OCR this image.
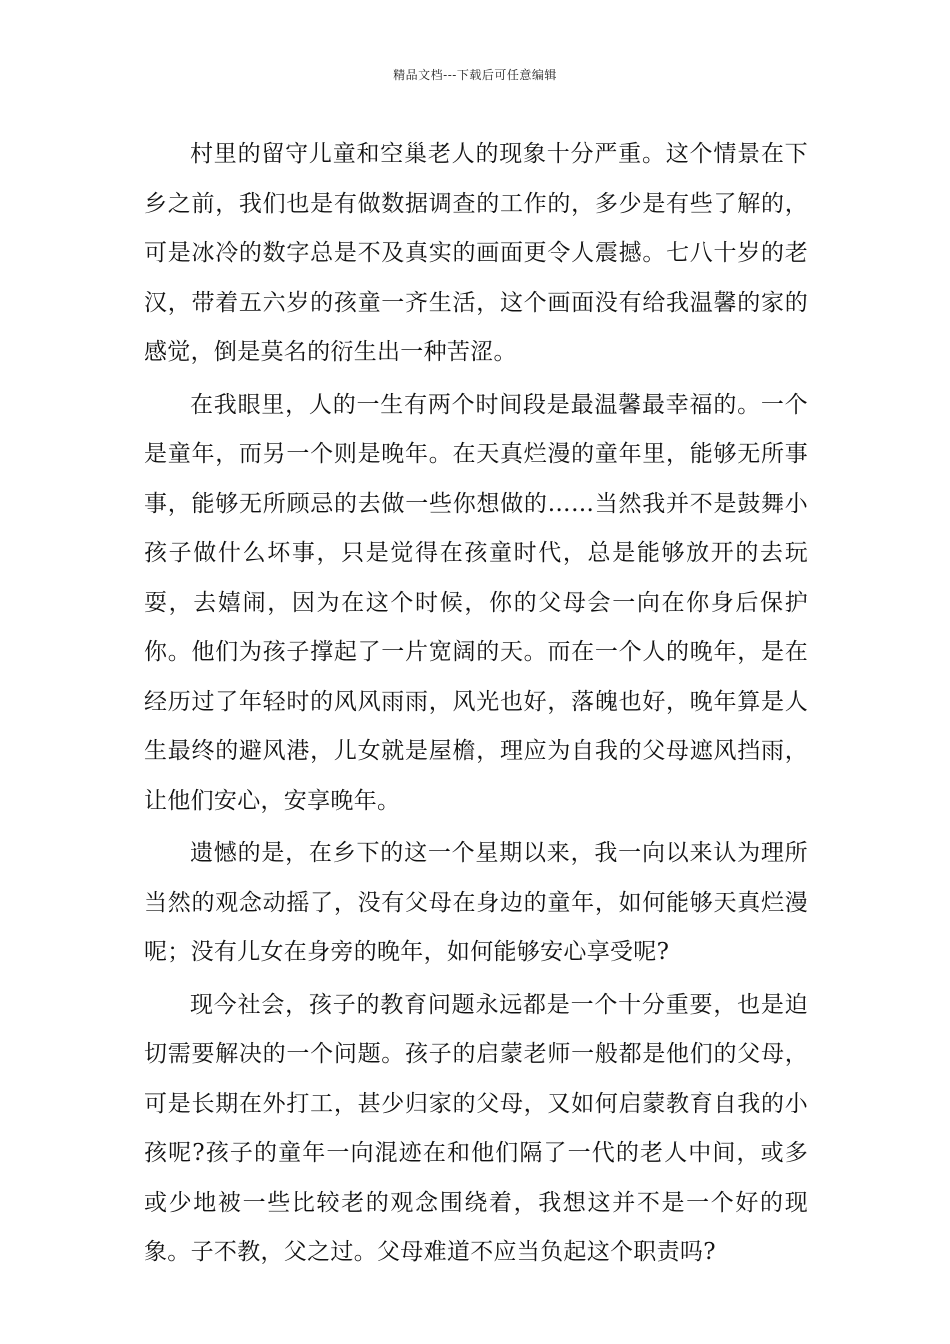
精品文档---下载后可任意编辑

村里的留守儿童和空巢老人的现象十分严重。这个情景在下乡之前，我们也是有做数据调查的工作的，多少是有些了解的，可是冰冷的数字总是不及真实的画面更令人震撼。七八十岁的老汉，带着五六岁的孩童一齐生活，这个画面没有给我温馨的家的感觉，倒是莫名的衍生出一种苦涩。

在我眼里，人的一生有两个时间段是最温馨最幸福的。一个是童年，而另一个则是晚年。在天真烂漫的童年里，能够无所事事，能够无所顾忌的去做一些你想做的……当然我并不是鼓舞小孩子做什么坏事，只是觉得在孩童时代，总是能够放开的去玩耍，去嬉闹，因为在这个时候，你的父母会一向在你身后保护你。他们为孩子撑起了一片宽阔的天。而在一个人的晚年，是在经历过了年轻时的风风雨雨，风光也好，落魄也好，晚年算是人生最终的避风港，儿女就是屋檐，理应为自我的父母遮风挡雨，让他们安心，安享晚年。

遗憾的是，在乡下的这一个星期以来，我一向以来认为理所当然的观念动摇了，没有父母在身边的童年，如何能够天真烂漫呢；没有儿女在身旁的晚年，如何能够安心享受呢?

现今社会，孩子的教育问题永远都是一个十分重要，也是迫切需要解决的一个问题。孩子的启蒙老师一般都是他们的父母，可是长期在外打工，甚少归家的父母，又如何启蒙教育自我的小孩呢?孩子的童年一向混迹在和他们隔了一代的老人中间，或多或少地被一些比较老的观念围绕着，我想这并不是一个好的现象。子不教，父之过。父母难道不应当负起这个职责吗?
